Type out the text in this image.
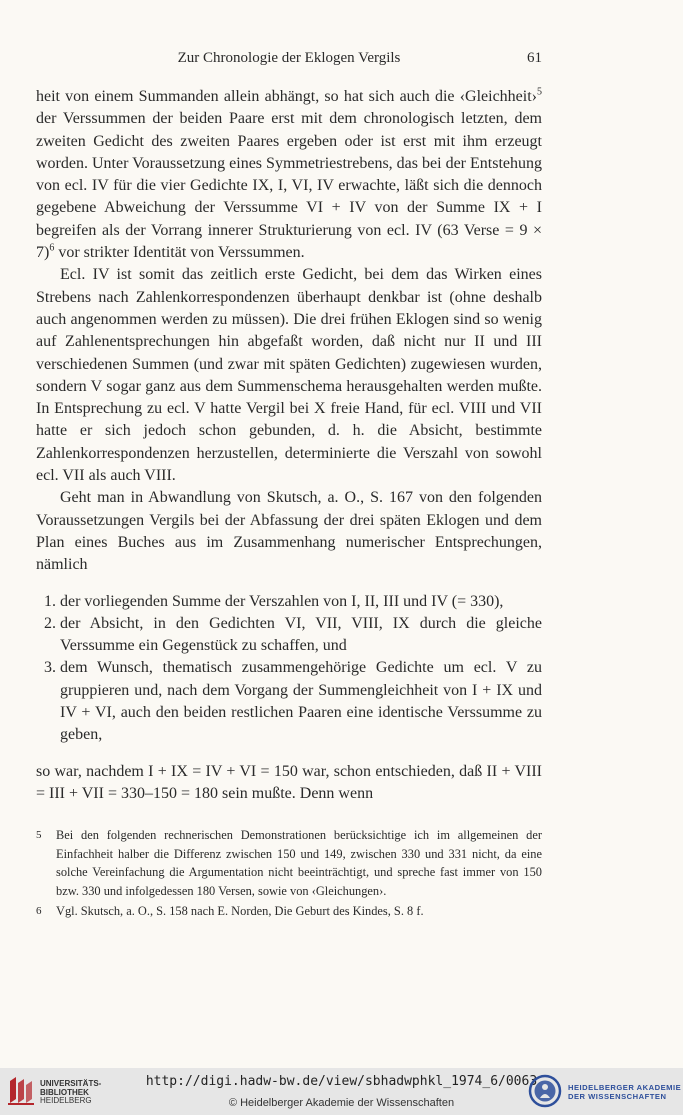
Zur Chronologie der Eklogen Vergils	61

heit von einem Summanden allein abhängt, so hat sich auch die ‹Gleichheit›$^5$ der Verssummen der beiden Paare erst mit dem chronologisch letzten, dem zweiten Gedicht des zweiten Paares ergeben oder ist erst mit ihm erzeugt worden. Unter Voraussetzung eines Symmetriestrebens, das bei der Entstehung von ecl. IV für die vier Gedichte IX, I, VI, IV erwachte, läßt sich die dennoch gegebene Abweichung der Verssumme VI + IV von der Summe IX + I begreifen als der Vorrang innerer Strukturierung von ecl. IV (63 Verse = 9 × 7)$^6$ vor strikter Identität von Verssummen.

Ecl. IV ist somit das zeitlich erste Gedicht, bei dem das Wirken eines Strebens nach Zahlenkorrespondenzen überhaupt denkbar ist (ohne deshalb auch angenommen werden zu müssen). Die drei frühen Eklogen sind so wenig auf Zahlenentsprechungen hin abgefaßt worden, daß nicht nur II und III verschiedenen Summen (und zwar mit späten Gedichten) zugewiesen wurden, sondern V sogar ganz aus dem Summenschema herausgehalten werden mußte. In Entsprechung zu ecl. V hatte Vergil bei X freie Hand, für ecl. VIII und VII hatte er sich jedoch schon gebunden, d. h. die Absicht, bestimmte Zahlenkorrespondenzen herzustellen, determinierte die Verszahl von sowohl ecl. VII als auch VIII.

Geht man in Abwandlung von Skutsch, a. O., S. 167 von den folgenden Voraussetzungen Vergils bei der Abfassung der drei späten Eklogen und dem Plan eines Buches aus im Zusammenhang numerischer Entsprechungen, nämlich

1. der vorliegenden Summe der Verszahlen von I, II, III und IV (= 330),
2. der Absicht, in den Gedichten VI, VII, VIII, IX durch die gleiche Verssumme ein Gegenstück zu schaffen, und
3. dem Wunsch, thematisch zusammengehörige Gedichte um ecl. V zu gruppieren und, nach dem Vorgang der Summengleichheit von I + IX und IV + VI, auch den beiden restlichen Paaren eine identische Verssumme zu geben,

so war, nachdem I + IX = IV + VI = 150 war, schon entschieden, daß II + VIII = III + VII = 330–150 = 180 sein mußte. Denn wenn

5 Bei den folgenden rechnerischen Demonstrationen berücksichtige ich im allgemeinen der Einfachheit halber die Differenz zwischen 150 und 149, zwischen 330 und 331 nicht, da eine solche Vereinfachung die Argumentation nicht beeinträchtigt, und spreche fast immer von 150 bzw. 330 und infolgedessen 180 Versen, sowie von ‹Gleichungen›.
6 Vgl. Skutsch, a. O., S. 158 nach E. Norden, Die Geburt des Kindes, S. 8 f.
UNIVERSITÄTS-
BIBLIOTHEK
HEIDELBERG
http://digi.hadw-bw.de/view/sbhadwphkl_1974_6/0063
© Heidelberger Akademie der Wissenschaften
HEIDELBERGER AKADEMIE
DER WISSENSCHAFTEN
